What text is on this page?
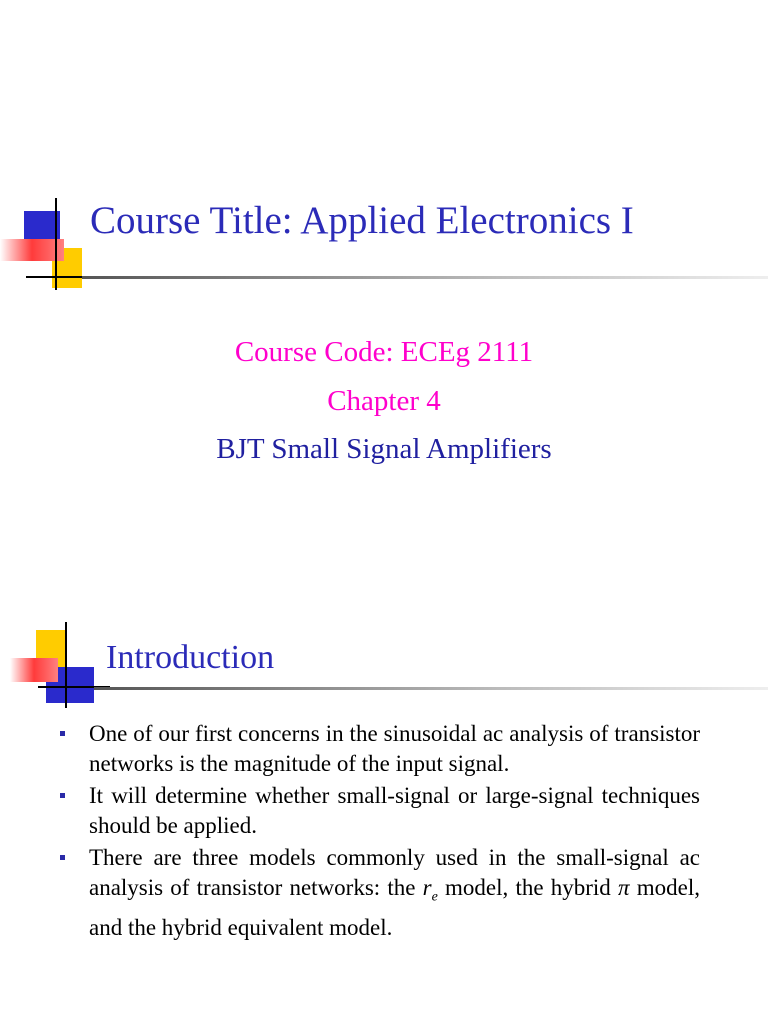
Course Title: Applied Electronics I
Course Code: ECEg 2111
Chapter 4
BJT Small Signal Amplifiers
Introduction
One of our first concerns in the sinusoidal ac analysis of transistor networks is the magnitude of the input signal.
It will determine whether small-signal or large-signal techniques should be applied.
There are three models commonly used in the small-signal ac analysis of transistor networks: the $r_e$ model, the hybrid π model, and the hybrid equivalent model.
